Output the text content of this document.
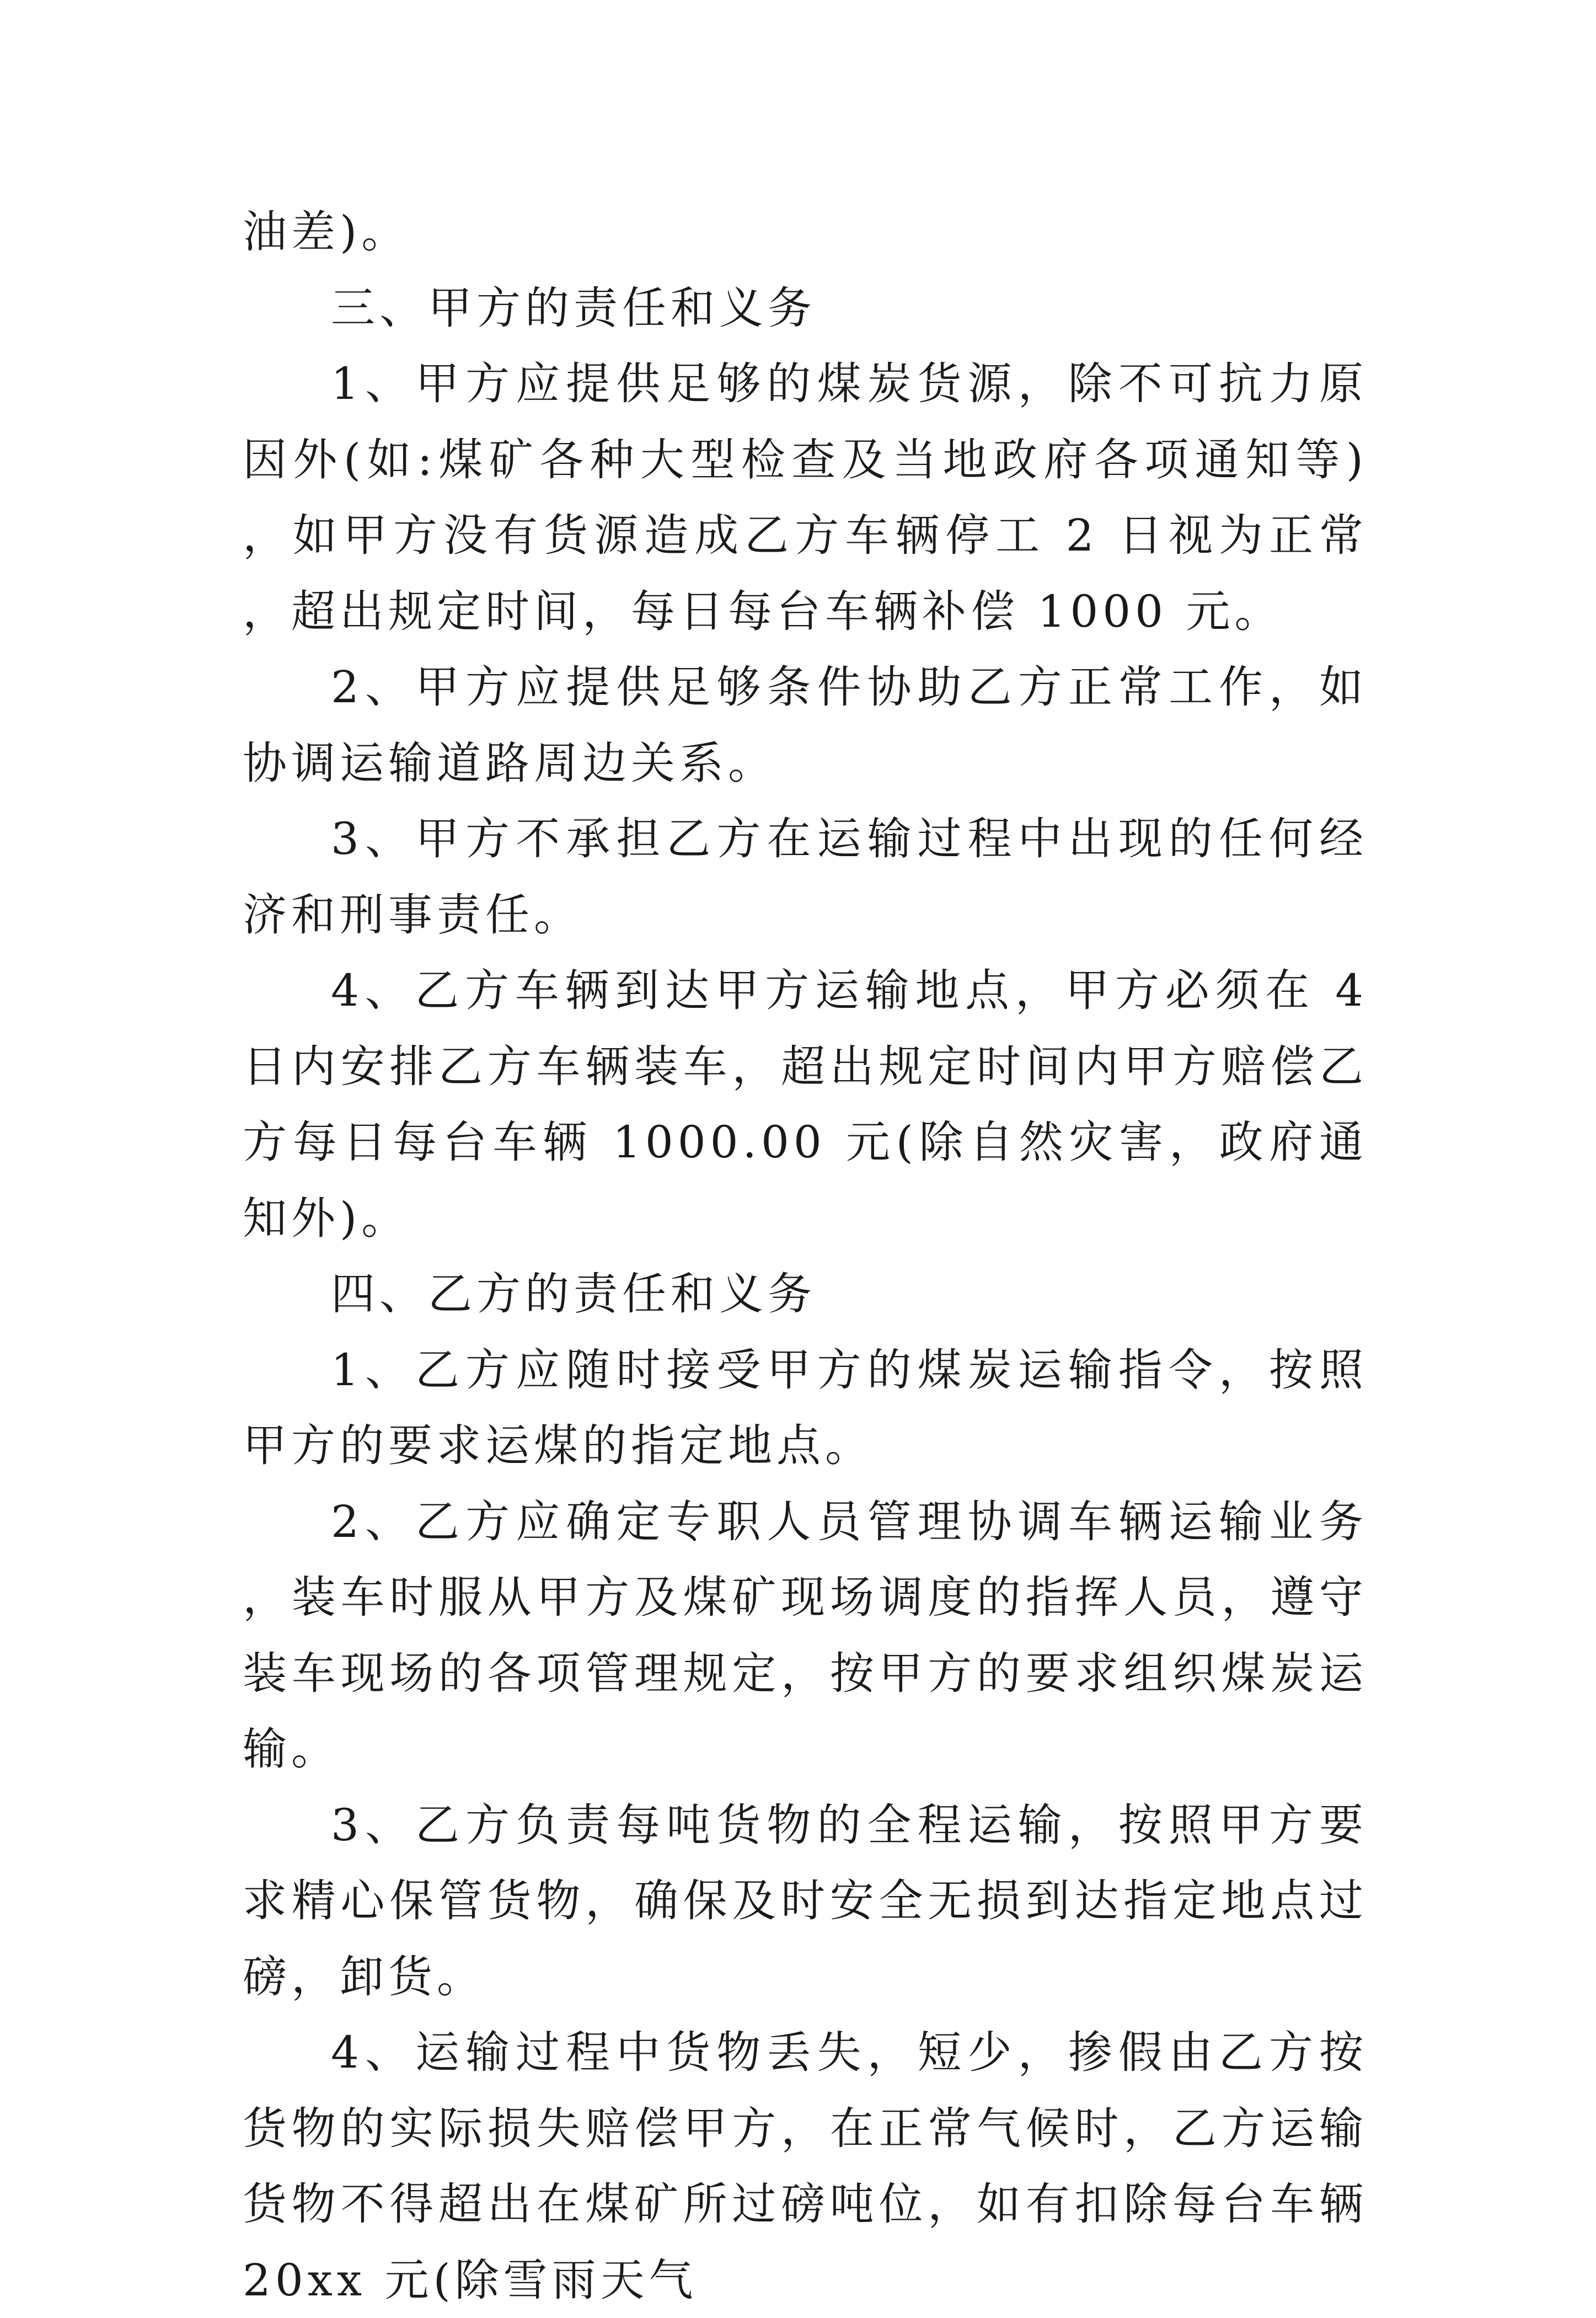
油差)。

三、甲方的责任和义务

1、甲方应提供足够的煤炭货源，除不可抗力原因外(如:煤矿各种大型检查及当地政府各项通知等)，如甲方没有货源造成乙方车辆停工 2 日视为正常，超出规定时间，每日每台车辆补偿 1000 元。

2、甲方应提供足够条件协助乙方正常工作，如协调运输道路周边关系。

3、甲方不承担乙方在运输过程中出现的任何经济和刑事责任。

4、乙方车辆到达甲方运输地点，甲方必须在 4 日内安排乙方车辆装车，超出规定时间内甲方赔偿乙方每日每台车辆 1000.00 元(除自然灾害，政府通知外)。

四、乙方的责任和义务

1、乙方应随时接受甲方的煤炭运输指令，按照甲方的要求运煤的指定地点。

2、乙方应确定专职人员管理协调车辆运输业务，装车时服从甲方及煤矿现场调度的指挥人员，遵守装车现场的各项管理规定，按甲方的要求组织煤炭运输。

3、乙方负责每吨货物的全程运输，按照甲方要求精心保管货物，确保及时安全无损到达指定地点过磅，卸货。

4、运输过程中货物丢失，短少，掺假由乙方按货物的实际损失赔偿甲方，在正常气候时，乙方运输货物不得超出在煤矿所过磅吨位，如有扣除每台车辆 20xx 元(除雪雨天气
